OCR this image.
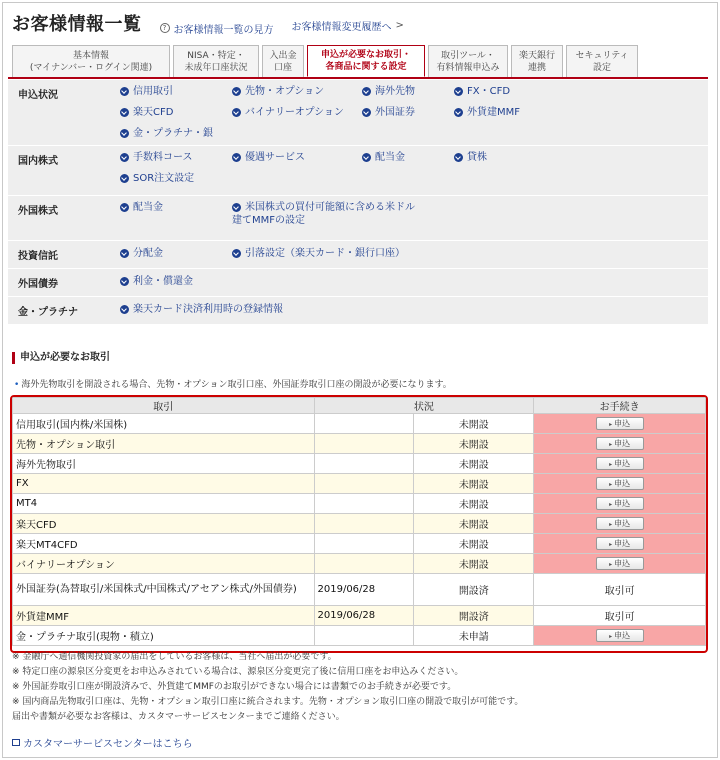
お客様情報一覧	? お客様情報一覧の見方 お客様情報変更履歴へ >
基本情報
(マイナンバー・ログイン関連)
NISA・特定・
未成年口座状況
入出金
口座
申込が必要なお取引・
各商品に関する設定
取引ツール・
有料情報申込み
楽天銀行
連携
セキュリティ
設定
申込状況	信用取引	先物・オプション	海外先物	FX・CFD
楽天CFD	バイナリーオプション	外国証券	外貨建MMF
金・プラチナ・銀
国内株式	手数料コース	優遇サービス	配当金	貸株
SOR注文設定
外国株式	配当金	米国株式の買付可能額に含める米ドル
建てMMFの設定
投資信託	分配金	引落設定（楽天カード・銀行口座）
外国債券	利金・償還金
金・プラチナ	楽天カード決済利用時の登録情報
申込が必要なお取引
• 海外先物取引を開設される場合、先物・オプション取引口座、外国証券取引口座の開設が必要になります。
取引	状況		お手続き
信用取引(国内株/米国株)		未開設	▸ 申込
先物・オプション取引		未開設	▸ 申込
海外先物取引		未開設	▸ 申込
FX		未開設	▸ 申込
MT4		未開設	▸ 申込
楽天CFD		未開設	▸ 申込
楽天MT4CFD		未開設	▸ 申込
バイナリーオプション		未開設	▸ 申込
外国証券(為替取引/米国株式/中国株式/アセアン株式/外国債券)	2019/06/28	開設済	取引可
外貨建MMF	2019/06/28	開設済	取引可
金・プラチナ取引(現物・積立)		未申請	▸ 申込
※ 金融庁へ通信機関投資家の届出をしているお客様は、当社へ届出が必要です。
※ 特定口座の源泉区分変更をお申込みされている場合は、源泉区分変更完了後に信用口座をお申込みください。
※ 外国証券取引口座が開設済みで、外貨建てMMFのお取引ができない場合には書類でのお手続きが必要です。
※ 国内商品先物取引口座は、先物・オプション取引口座に統合されます。先物・オプション取引口座の開設で取引が可能です。
届出や書類が必要なお客様は、カスタマーサービスセンターまでご連絡ください。
カスタマーサービスセンターはこちら
